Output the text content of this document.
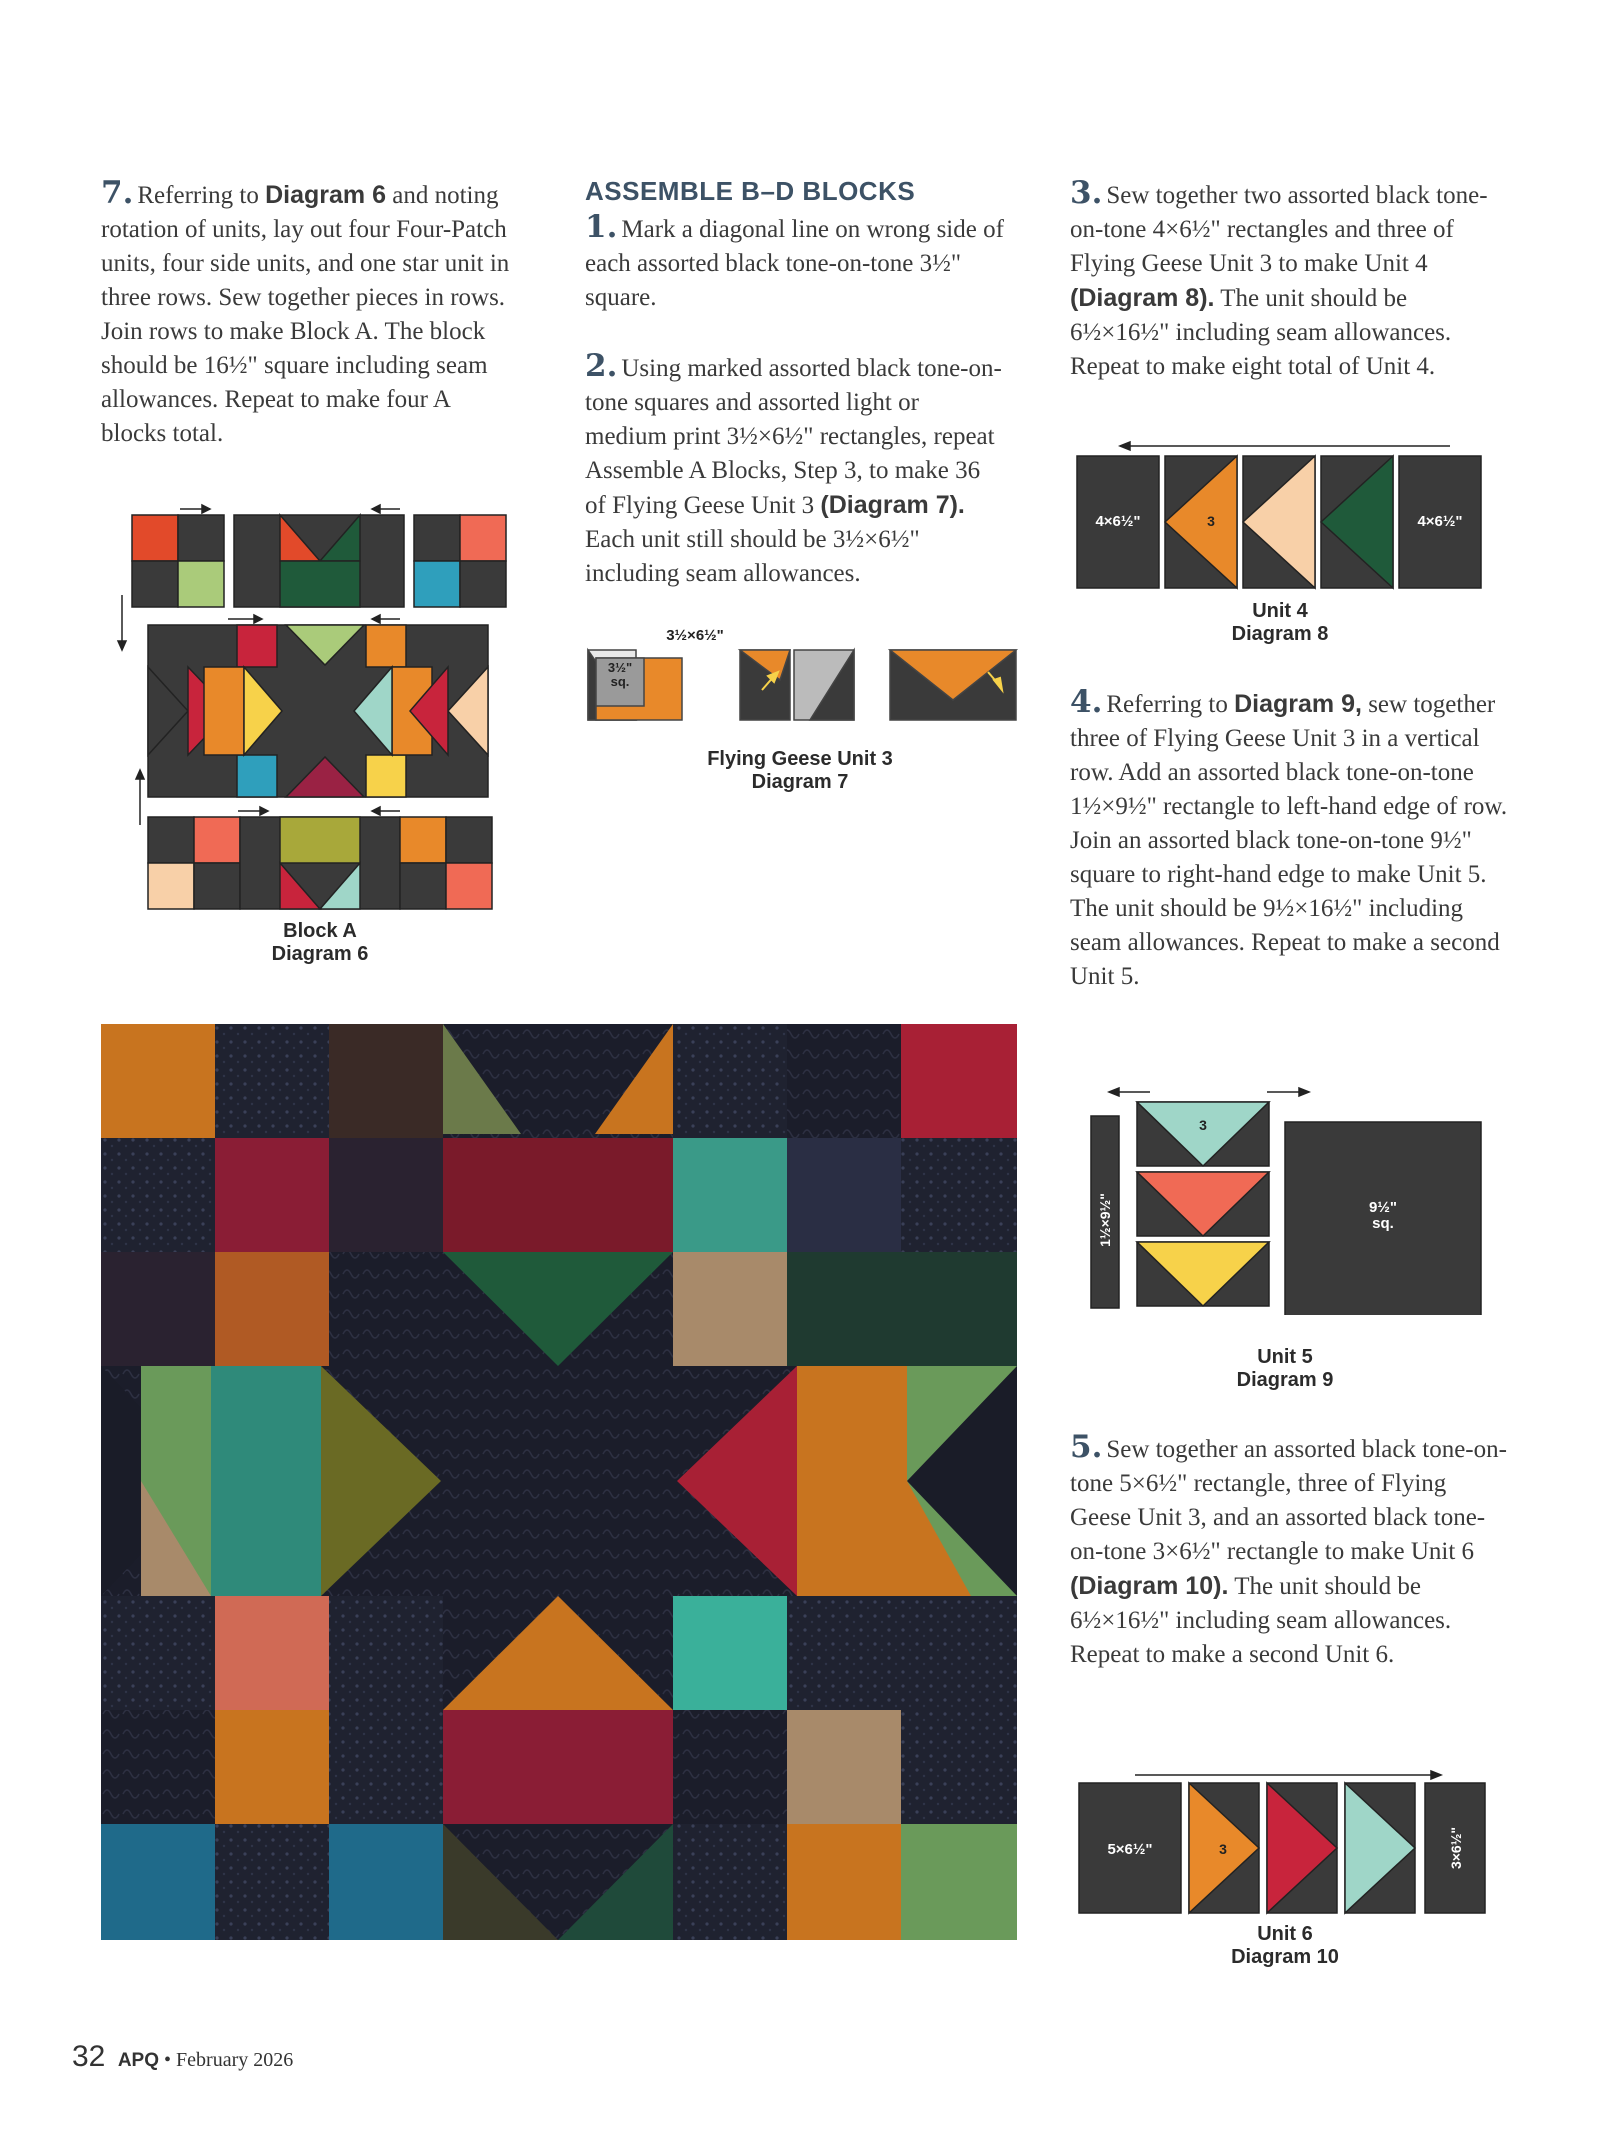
7. Referring to Diagram 6 and noting rotation of units, lay out four Four-Patch units, four side units, and one star unit in three rows. Sew together pieces in rows. Join rows to make Block A. The block should be 16½" square including seam allowances. Repeat to make four A blocks total.

Block A
Diagram 6
ASSEMBLE B–D BLOCKS

1. Mark a diagonal line on wrong side of each assorted black tone-on-tone 3½" square.

2. Using marked assorted black tone-on-tone squares and assorted light or medium print 3½×6½" rectangles, repeat Assemble A Blocks, Step 3, to make 36 of Flying Geese Unit 3 (Diagram 7). Each unit still should be 3½×6½" including seam allowances.

3½×6½"
3½"
sq.
Flying Geese Unit 3
Diagram 7

3. Sew together two assorted black tone-on-tone 4×6½" rectangles and three of Flying Geese Unit 3 to make Unit 4 (Diagram 8). The unit should be 6½×16½" including seam allowances. Repeat to make eight total of Unit 4.

4×6½"	3	4×6½"
Unit 4
Diagram 8

4. Referring to Diagram 9, sew together three of Flying Geese Unit 3 in a vertical row. Add an assorted black tone-on-tone 1½×9½" rectangle to left-hand edge of row. Join an assorted black tone-on-tone 9½" square to right-hand edge to make Unit 5. The unit should be 9½×16½" including seam allowances. Repeat to make a second Unit 5.

3
1½×9½"	9½"
sq.
Unit 5
Diagram 9

5. Sew together an assorted black tone-on-tone 5×6½" rectangle, three of Flying Geese Unit 3, and an assorted black tone-on-tone 3×6½" rectangle to make Unit 6 (Diagram 10). The unit should be 6½×16½" including seam allowances. Repeat to make a second Unit 6.

5×6½"	3	3×6½"
Unit 6
Diagram 10
32 APQ • February 2026
